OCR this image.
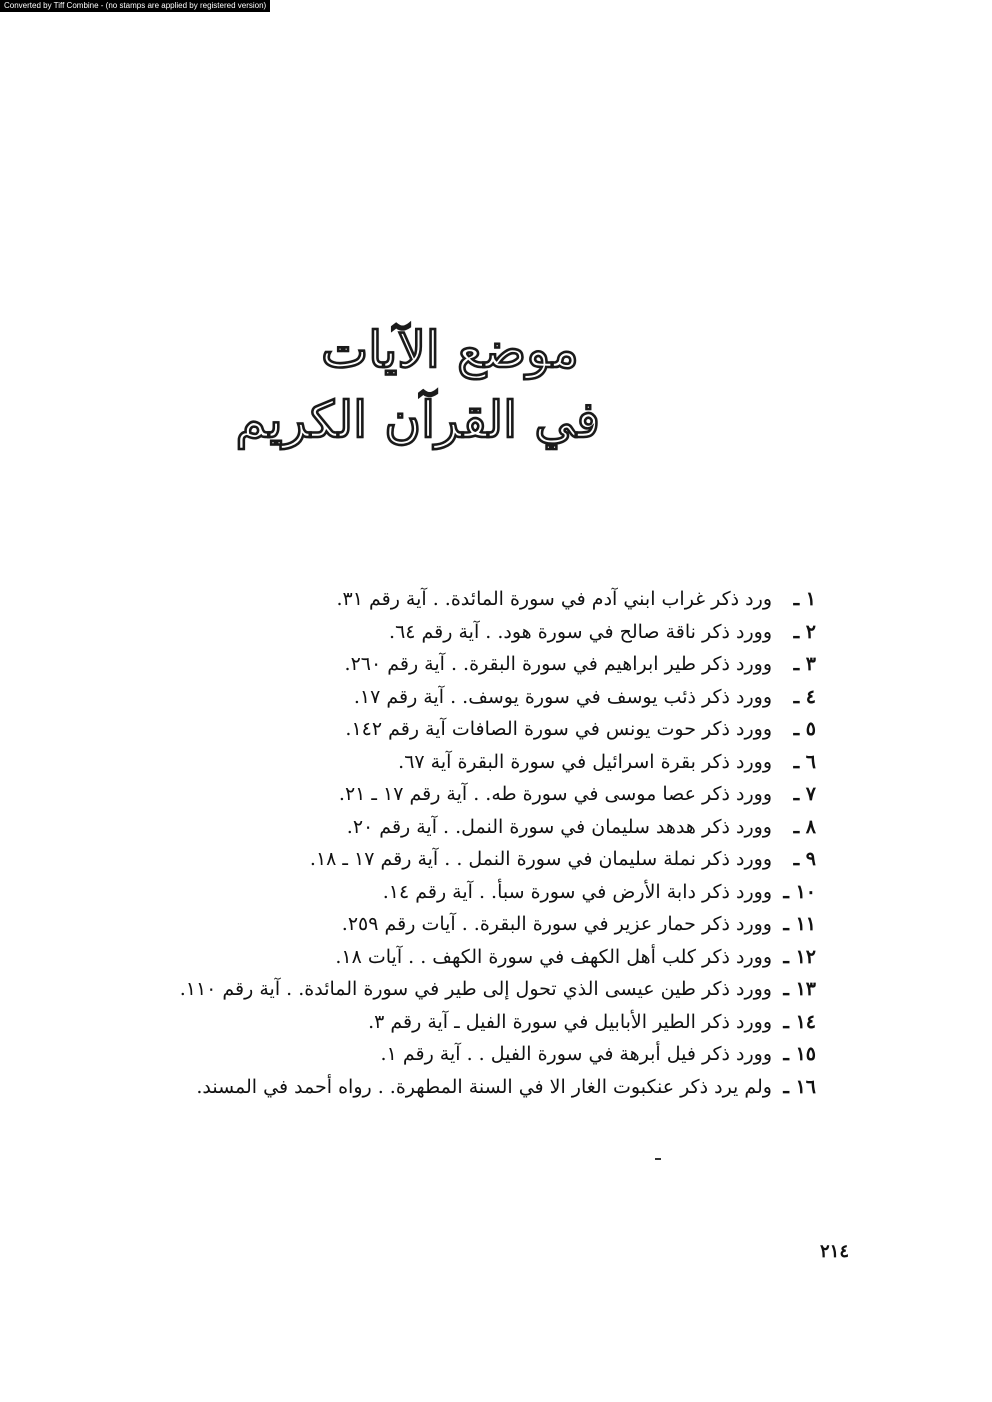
Converted by Tiff Combine - (no stamps are applied by registered version)
موضع الآيات
في القرآن الكريم
١ ـورد ذكر غراب ابني آدم في سورة المائدة. . آية رقم ٣١.
٢ ـوورد ذكر ناقة صالح في سورة هود. . آية رقم ٦٤.
٣ ـوورد ذكر طير ابراهيم في سورة البقرة. . آية رقم ٢٦٠.
٤ ـوورد ذكر ذئب يوسف في سورة يوسف. . آية رقم ١٧.
٥ ـوورد ذكر حوت يونس في سورة الصافات آية رقم ١٤٢.
٦ ـوورد ذكر بقرة اسرائيل في سورة البقرة آية ٦٧.
٧ ـوورد ذكر عصا موسى في سورة طه. . آية رقم ١٧ ـ ٢١.
٨ ـوورد ذكر هدهد سليمان في سورة النمل. . آية رقم ٢٠.
٩ ـوورد ذكر نملة سليمان في سورة النمل . . آية رقم ١٧ ـ ١٨.
١٠ ـوورد ذكر دابة الأرض في سورة سبأ. . آية رقم ١٤.
١١ ـوورد ذكر حمار عزير في سورة البقرة. . آيات رقم ٢٥٩.
١٢ ـوورد ذكر كلب أهل الكهف في سورة الكهف . . آيات ١٨.
١٣ ـوورد ذكر طين عيسى الذي تحول إلى طير في سورة المائدة. . آية رقم ١١٠.
١٤ ـوورد ذكر الطير الأبابيل في سورة الفيل ـ آية رقم ٣.
١٥ ـوورد ذكر فيل أبرهة في سورة الفيل . . آية رقم ١.
١٦ ـولم يرد ذكر عنكبوت الغار الا في السنة المطهرة. . رواه أحمد في المسند.
٢١٤
